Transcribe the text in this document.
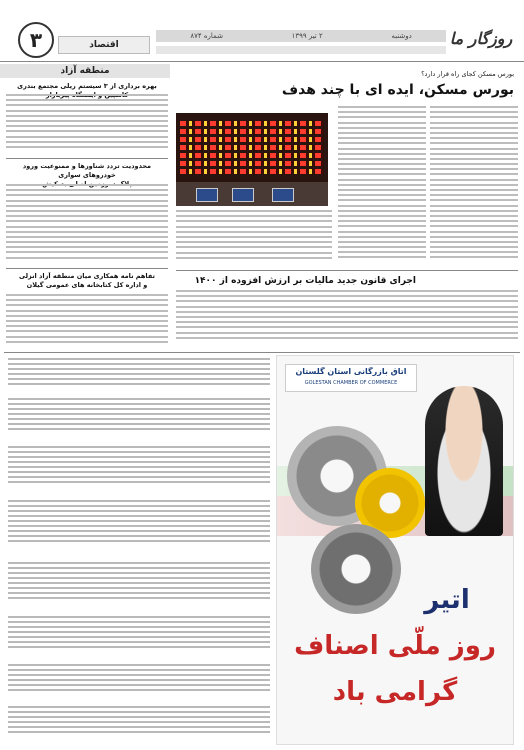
۳	اقتصاد
دوشنبه
۲ تیر ۱۳۹۹
شماره ۸۷۴	روزگار ما
منطقه آزاد
بهره برداری از ۳ سیستم ریلی مجتمع بندری
محدودیت تردد شناورها و ممنوعیت ورود خودروهای سواری
تفاهم نامه همکاری میان منطقه آزاد انزلی
و اداره کل کتابخانه های عمومی گیلان
بورس مسکن کجای راه قرار دارد؟
بورس مسکن، ایده ای با چند هدف
اجرای قانون جدید مالیات بر ارزش افزوده از ۱۴۰۰
اتاق بازرگانی استان گلستان
GOLESTAN CHAMBER OF COMMERCE
اتیر
روز ملّی اصناف
گرامی باد
